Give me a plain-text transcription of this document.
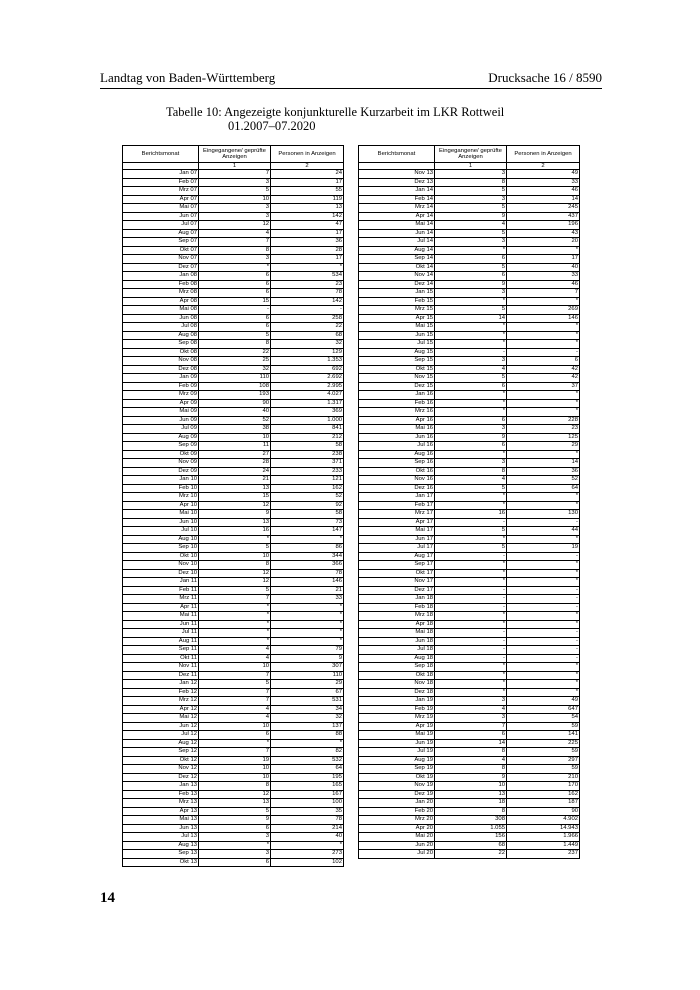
Landtag von Baden-Württemberg	Drucksache 16 / 8590
Tabelle 10: Angezeigte konjunkturelle Kurzarbeit im LKR Rottweil
01.2007–07.2020
Berichtsmonat	Eingegangene/ geprüfte Anzeigen	Personen in Anzeigen
	1	2
Jan 07	7	24
Feb 07	3	17
Mrz 07	5	55
Apr 07	10	119
Mai 07	3	13
Jun 07	3	142
Jul 07	12	47
Aug 07	4	17
Sep 07	7	36
Okt 07	8	28
Nov 07	3	17
Dez 07	*	*
Jan 08	6	534
Feb 08	6	23
Mrz 08	6	78
Apr 08	15	142
Mai 08	-	-
Jun 08	6	258
Jul 08	6	22
Aug 08	5	68
Sep 08	8	32
Okt 08	22	129
Nov 08	25	1.353
Dez 08	32	692
Jan 09	110	2.692
Feb 09	108	2.995
Mrz 09	193	4.027
Apr 09	90	1.317
Mai 09	40	369
Jun 09	52	1.000
Jul 09	38	841
Aug 09	10	212
Sep 09	11	58
Okt 09	27	238
Nov 09	28	371
Dez 09	24	233
Jan 10	21	121
Feb 10	13	162
Mrz 10	15	52
Apr 10	12	92
Mai 10	9	58
Jun 10	13	73
Jul 10	16	147
Aug 10	*	*
Sep 10	5	86
Okt 10	10	344
Nov 10	8	366
Dez 10	12	78
Jan 11	12	146
Feb 11	5	21
Mrz 11	7	33
Apr 11	*	*
Mai 11	*	*
Jun 11	*	*
Jul 11	*	*
Aug 11	*	*
Sep 11	4	79
Okt 11	4	9
Nov 11	10	307
Dez 11	7	110
Jan 12	5	29
Feb 12	7	67
Mrz 12	7	531
Apr 12	4	34
Mai 12	4	32
Jun 12	10	137
Jul 12	6	88
Aug 12	*	*
Sep 12	7	82
Okt 12	19	532
Nov 12	10	64
Dez 12	10	195
Jan 13	8	165
Feb 13	12	167
Mrz 13	13	100
Apr 13	5	35
Mai 13	9	78
Jun 13	6	214
Jul 13	3	40
Aug 13	*	*
Sep 13	3	273
Okt 13	6	102
Berichtsmonat	Eingegangene/ geprüfte Anzeigen	Personen in Anzeigen
	1	2
Nov 13	3	49
Dez 13	8	33
Jan 14	5	46
Feb 14	3	14
Mrz 14	5	245
Apr 14	9	437
Mai 14	4	196
Jun 14	5	43
Jul 14	3	20
Aug 14	*	*
Sep 14	6	17
Okt 14	5	40
Nov 14	6	33
Dez 14	9	46
Jan 15	3	7
Feb 15	*	*
Mrz 15	5	269
Apr 15	14	146
Mai 15	*	*
Jun 15	*	*
Jul 15	*	*
Aug 15	-	-
Sep 15	3	6
Okt 15	4	42
Nov 15	5	42
Dez 15	6	37
Jan 16	*	*
Feb 16	*	*
Mrz 16	*	*
Apr 16	6	228
Mai 16	3	23
Jun 16	9	125
Jul 16	6	29
Aug 16	*	*
Sep 16	3	14
Okt 16	8	36
Nov 16	4	52
Dez 16	5	64
Jan 17	*	*
Feb 17	*	*
Mrz 17	16	130
Apr 17	-	-
Mai 17	5	44
Jun 17	*	*
Jul 17	5	19
Aug 17	-	-
Sep 17	*	*
Okt 17	*	*
Nov 17	*	*
Dez 17	-	-
Jan 18	-	-
Feb 18	-	-
Mrz 18	*	*
Apr 18	*	*
Mai 18	-	-
Jun 18	-	-
Jul 18	-	-
Aug 18	-	-
Sep 18	*	*
Okt 18	*	*
Nov 18	*	*
Dez 18	*	*
Jan 19	3	49
Feb 19	4	647
Mrz 19	3	54
Apr 19	7	59
Mai 19	6	141
Jun 19	14	225
Jul 19	8	59
Aug 19	4	297
Sep 19	8	59
Okt 19	9	210
Nov 19	10	170
Dez 19	13	162
Jan 20	18	187
Feb 20	8	90
Mrz 20	308	4.902
Apr 20	1.055	14.943
Mai 20	156	1.966
Jun 20	68	1.449
Jul 20	22	237
14
